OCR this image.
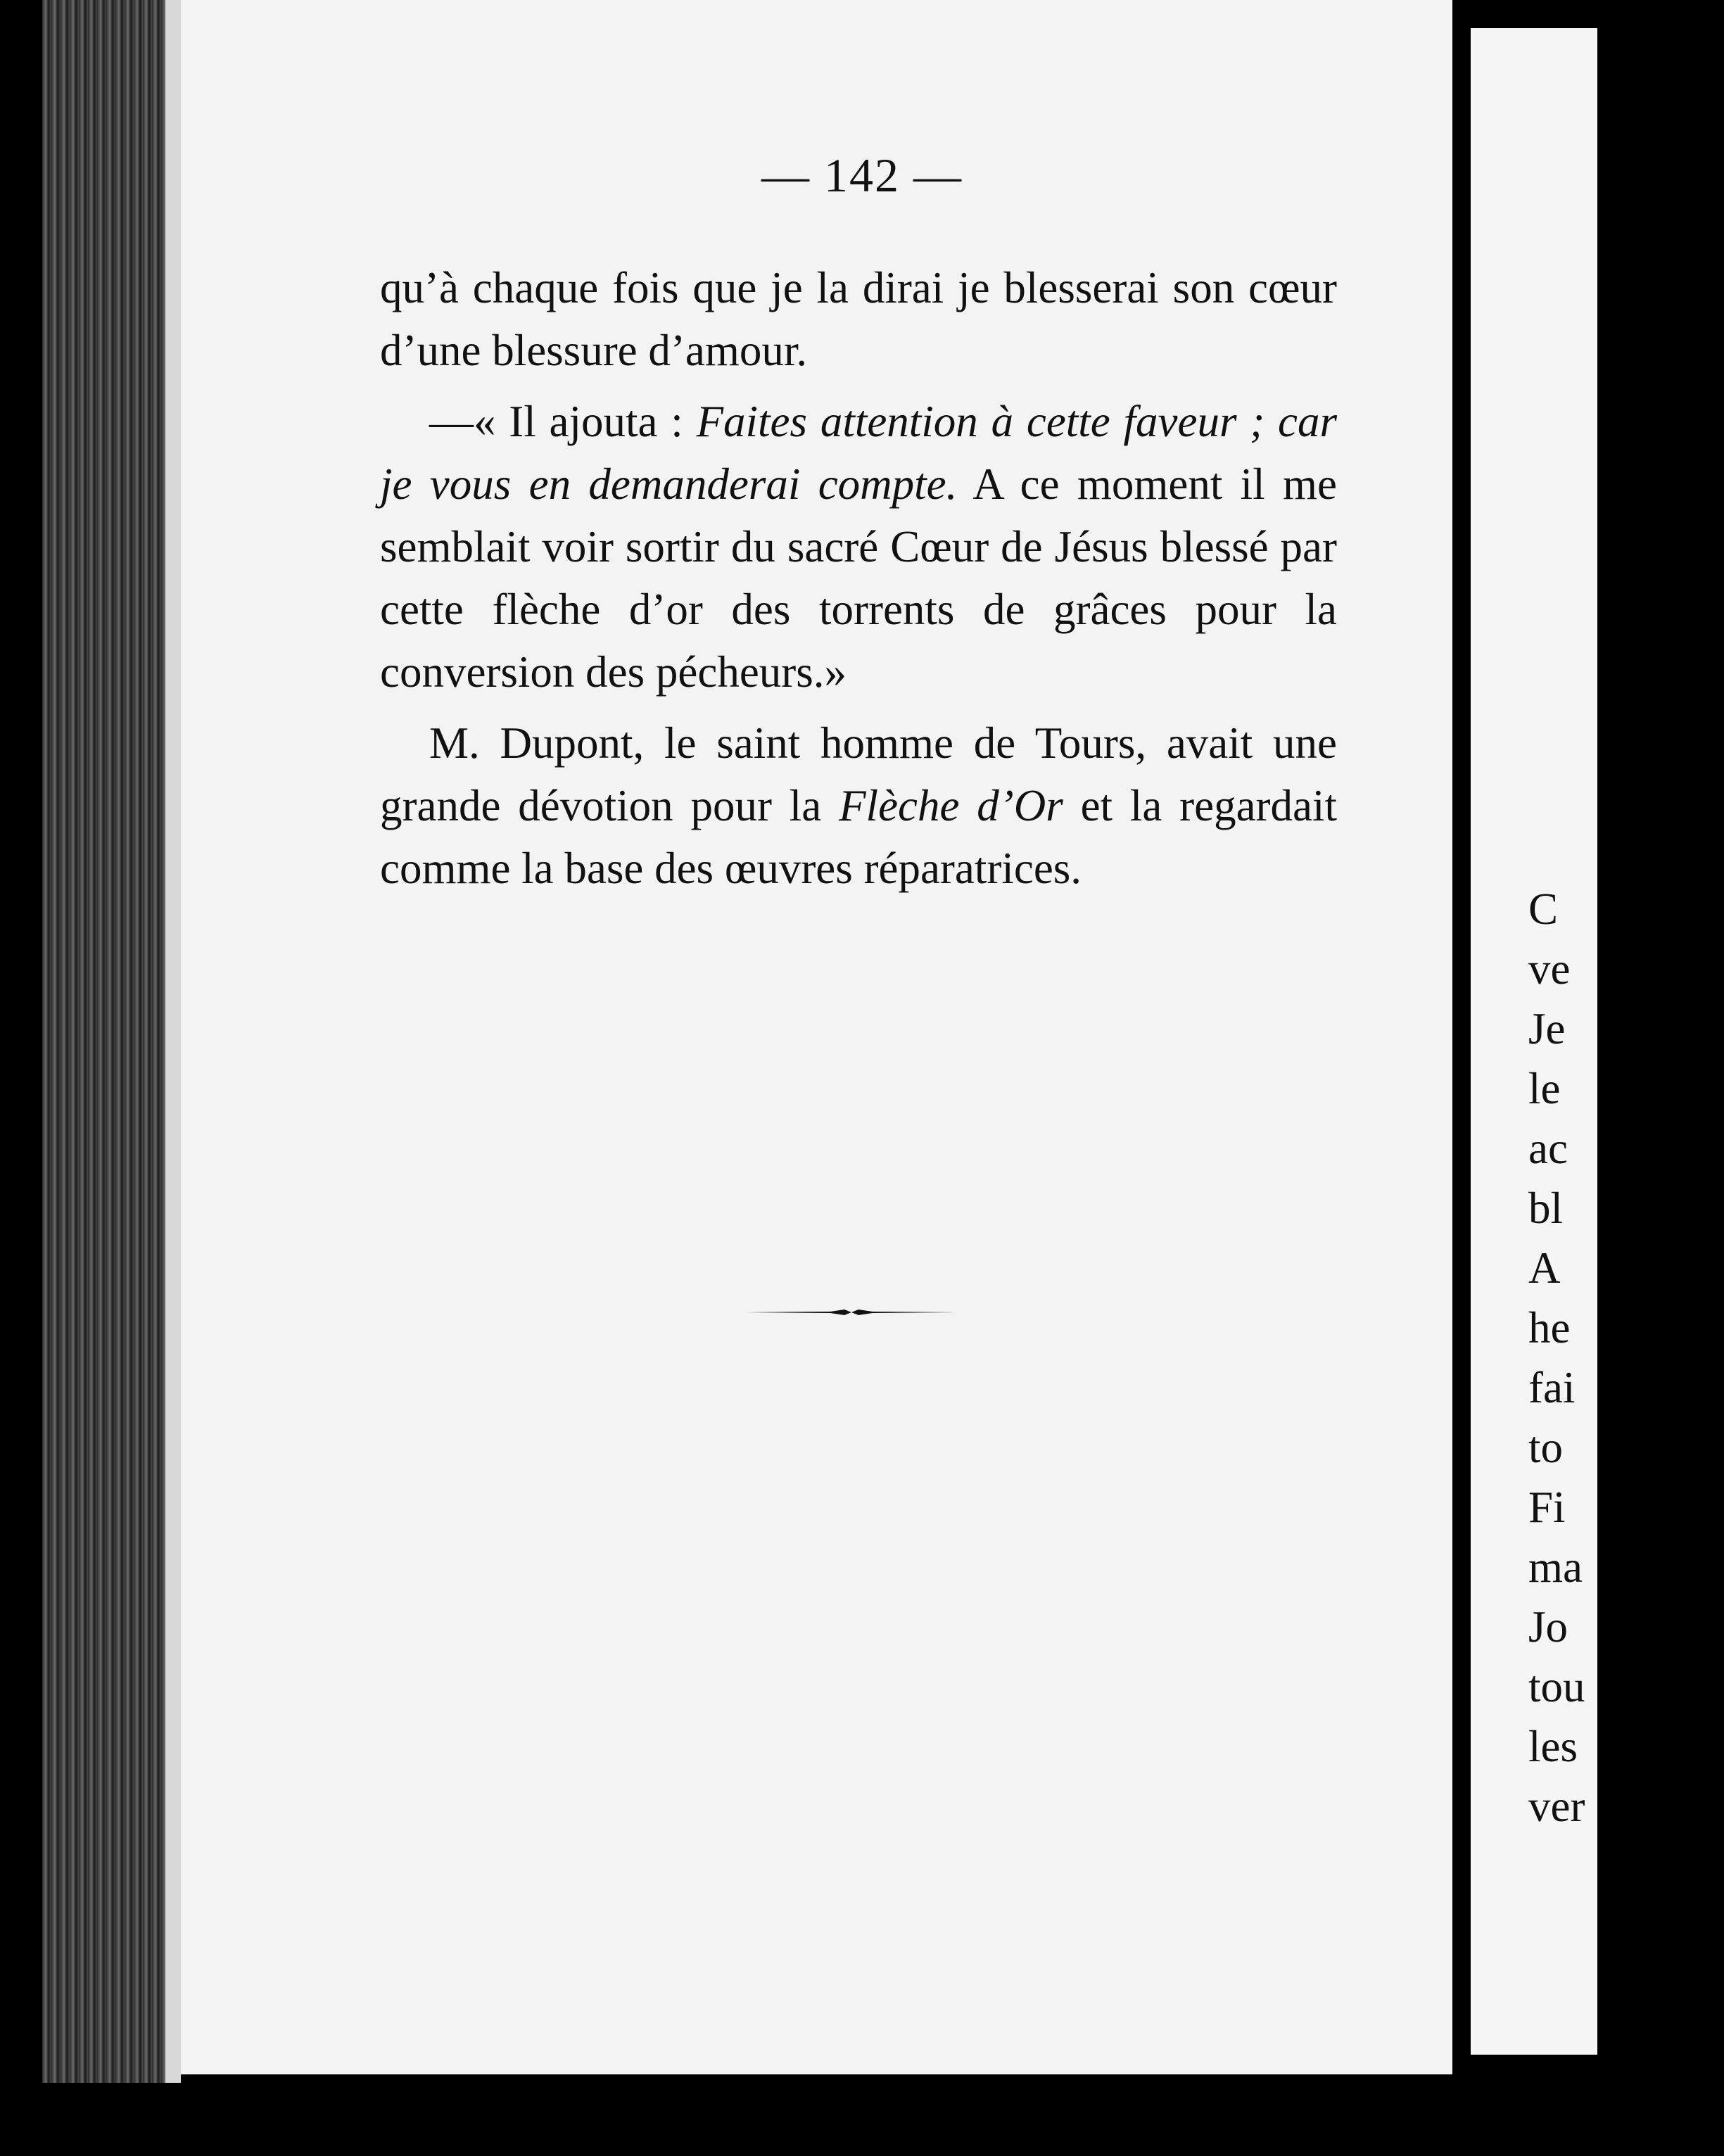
— 142 —

qu’à chaque fois que je la dirai je blesserai son cœur d’une blessure d’amour.

—« Il ajouta : Faites attention à cette faveur ; car je vous en demanderai compte. A ce moment il me semblait voir sortir du sacré Cœur de Jésus blessé par cette flèche d’or des torrents de grâces pour la conversion des pécheurs.»

M. Dupont, le saint homme de Tours, avait une grande dévotion pour la Flèche d’Or et la regardait comme la base des œuvres réparatrices.

C
ve
Je
le
ac
bl
A
he
fai
to
Fi
ma
Jo
tou
les
ver
